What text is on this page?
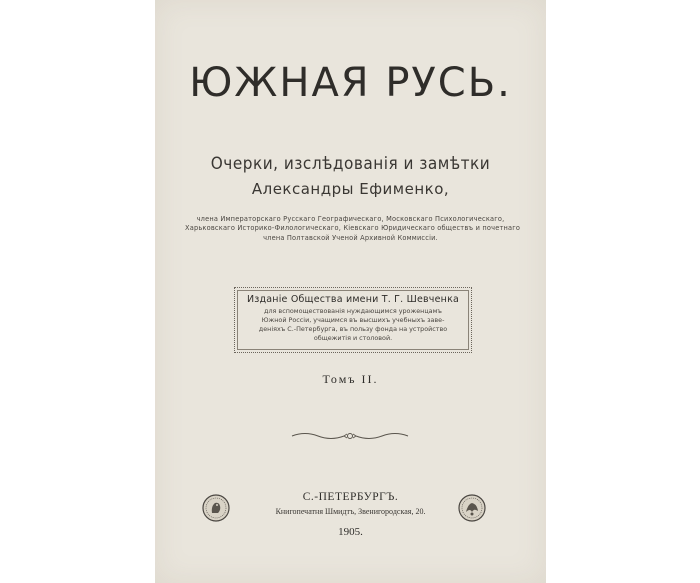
ЮЖНАЯ РУСЬ.
Очерки, изслѣдованія и замѣтки
Александры Ефименко,
члена Императорскаго Русскаго Географическаго, Московскаго Психологическаго,
Харьковскаго Историко-Филологическаго, Кіевскаго Юридическаго обществъ и почетнаго
члена Полтавской Ученой Архивной Коммиссіи.
Изданіе Общества имени Т. Г. Шевченка
для вспомоществованія нуждающимся уроженцамъ
Южной Россіи, учащимся въ высшихъ учебныхъ заве-
деніяхъ С.-Петербурга, въ пользу фонда на устройство
общежитія и столовой.
Томъ II.
С.-ПЕТЕРБУРГЪ.
Книгопечатня Шмидтъ, Звенигородская, 20.
1905.
